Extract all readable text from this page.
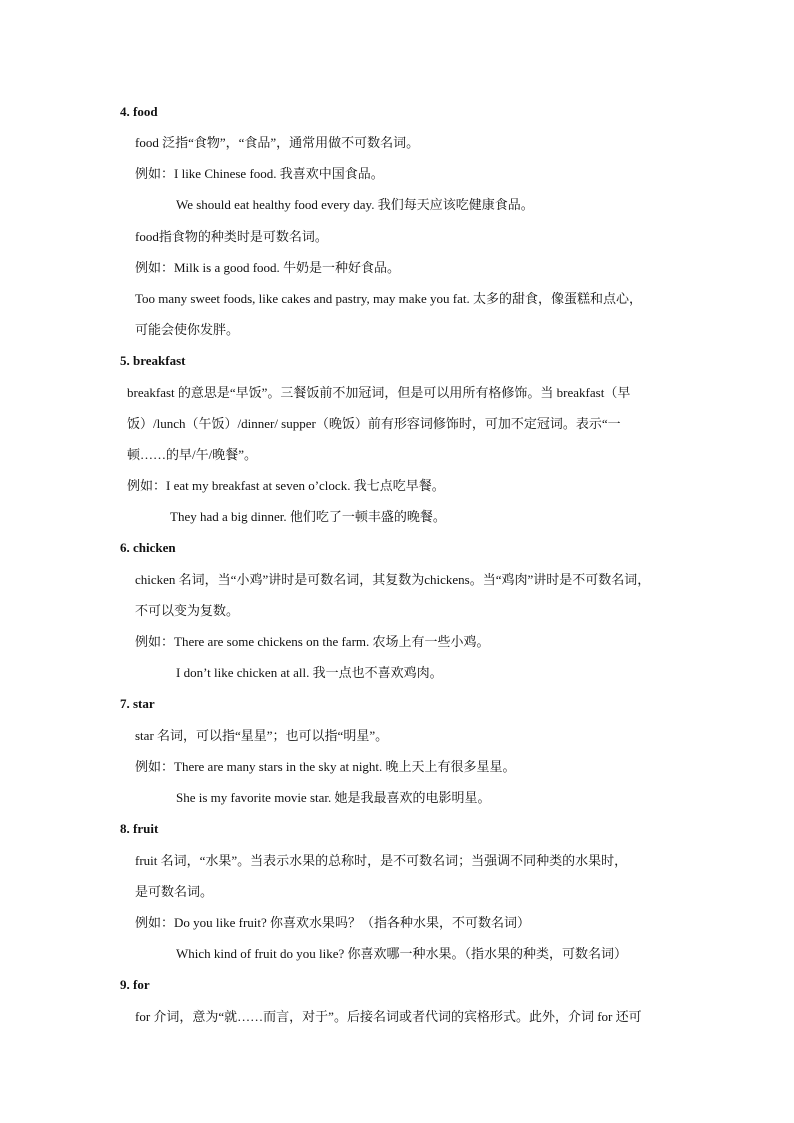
4. food
food 泛指“食物”，“食品”，通常用做不可数名词。
例如：I like Chinese food. 我喜欢中国食品。
We should eat healthy food every day. 我们每天应该吃健康食品。
food指食物的种类时是可数名词。
例如：Milk is a good food. 牛奶是一种好食品。
Too many sweet foods, like cakes and pastry, may make you fat. 太多的甜食，像蛋糕和点心，
可能会使你发胖。
5. breakfast
breakfast 的意思是“早饭”。三餐饭前不加冠词，但是可以用所有格修饰。当 breakfast（早
饭）/lunch（午饭）/dinner/ supper（晚饭）前有形容词修饰时，可加不定冠词。表示“一
顿……的早/午/晚餐”。
例如：I eat my breakfast at seven o’clock. 我七点吃早餐。
They had a big dinner. 他们吃了一顿丰盛的晚餐。
6. chicken
chicken 名词，当“小鸡”讲时是可数名词，其复数为chickens。当“鸡肉”讲时是不可数名词，
不可以变为复数。
例如：There are some chickens on the farm. 农场上有一些小鸡。
I don’t like chicken at all. 我一点也不喜欢鸡肉。
7. star
star 名词，可以指“星星”；也可以指“明星”。
例如：There are many stars in the sky at night. 晚上天上有很多星星。
She is my favorite movie star. 她是我最喜欢的电影明星。
8. fruit
fruit 名词，“水果”。当表示水果的总称时，是不可数名词；当强调不同种类的水果时，
是可数名词。
例如：Do you like fruit? 你喜欢水果吗？（指各种水果，不可数名词）
Which kind of fruit do you like? 你喜欢哪一种水果。（指水果的种类，可数名词）
9. for
for 介词，意为“就……而言，对于”。后接名词或者代词的宾格形式。此外，介词 for 还可
